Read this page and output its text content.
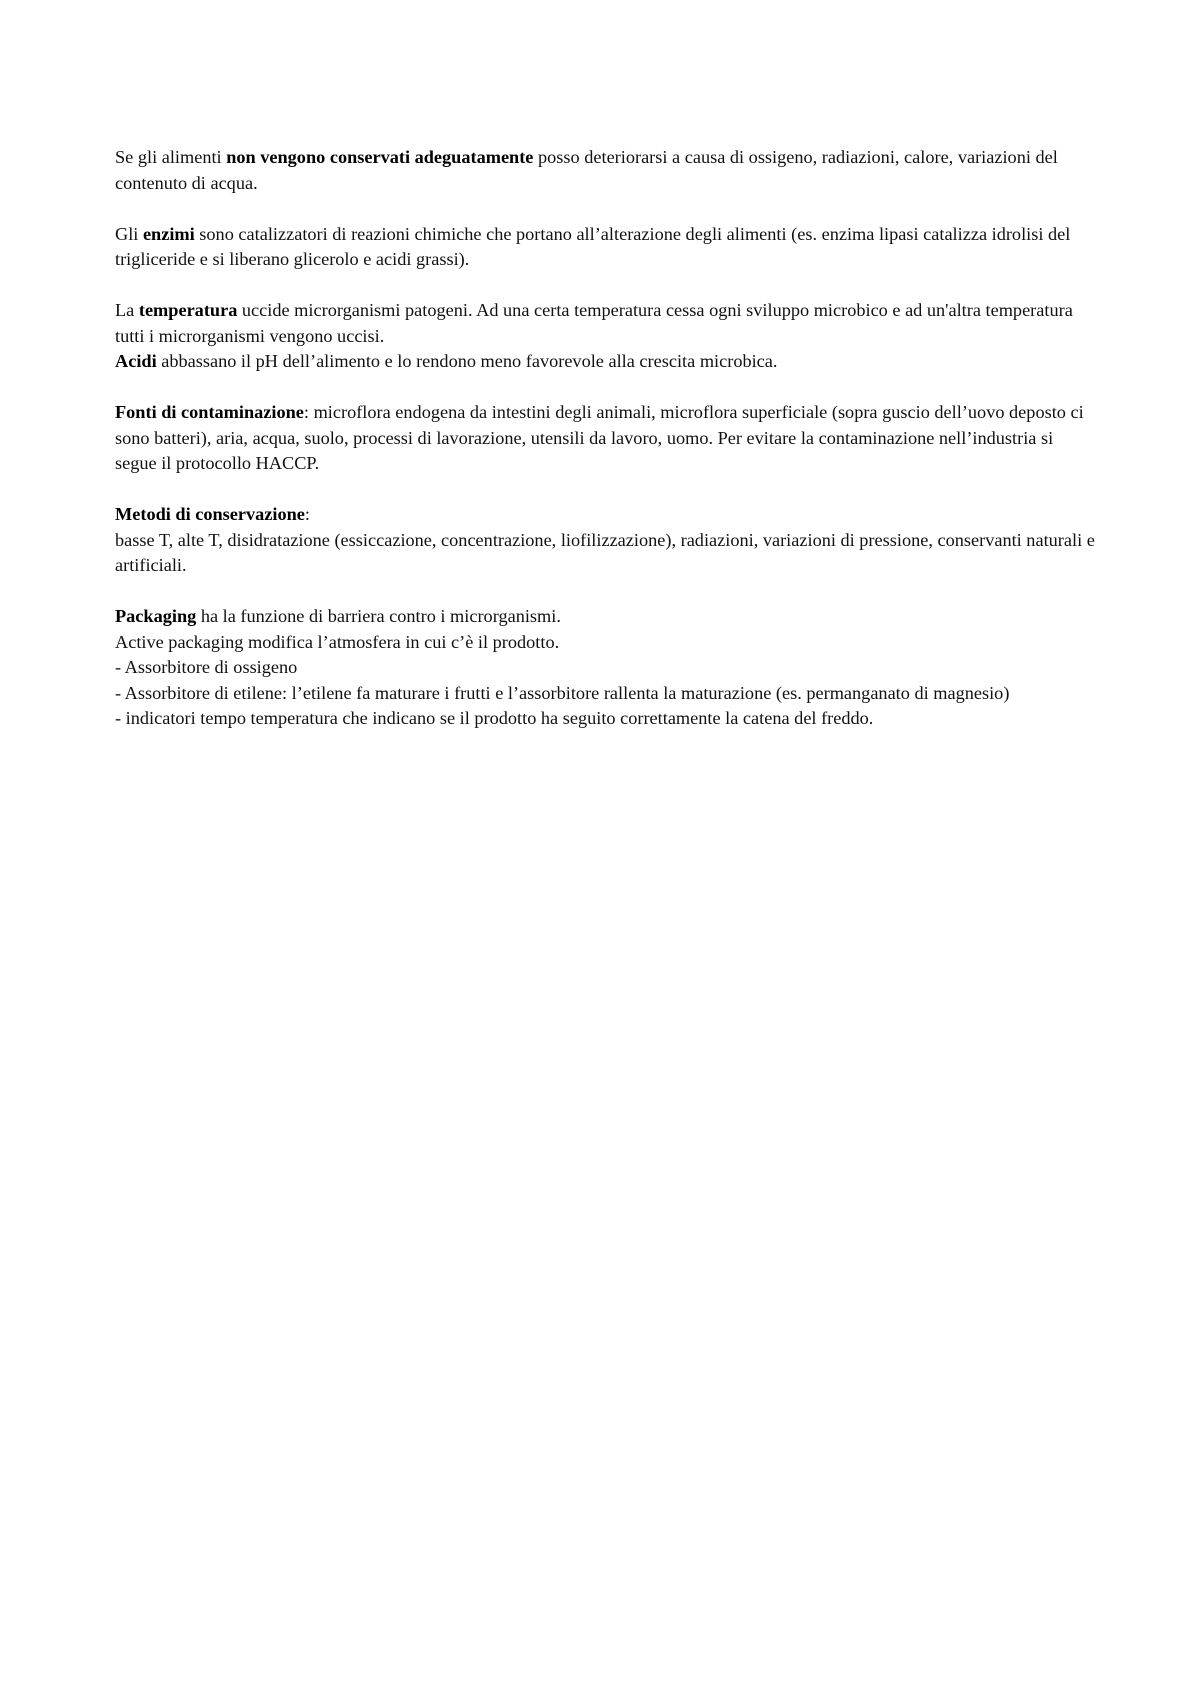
Se gli alimenti non vengono conservati adeguatamente posso deteriorarsi a causa di ossigeno, radiazioni, calore, variazioni del contenuto di acqua.

Gli enzimi sono catalizzatori di reazioni chimiche che portano all’alterazione degli alimenti (es. enzima lipasi catalizza idrolisi del trigliceride e si liberano glicerolo e acidi grassi).

La temperatura uccide microrganismi patogeni. Ad una certa temperatura cessa ogni sviluppo microbico e ad un'altra temperatura tutti i microrganismi vengono uccisi.

Acidi abbassano il pH dell’alimento e lo rendono meno favorevole alla crescita microbica.

Fonti di contaminazione: microflora endogena da intestini degli animali, microflora superficiale (sopra guscio dell’uovo deposto ci sono batteri), aria, acqua, suolo, processi di lavorazione, utensili da lavoro, uomo. Per evitare la contaminazione nell’industria si segue il protocollo HACCP.

Metodi di conservazione:
basse T, alte T, disidratazione (essiccazione, concentrazione, liofilizzazione), radiazioni, variazioni di pressione, conservanti naturali e artificiali.

Packaging ha la funzione di barriera contro i microrganismi.
Active packaging modifica l’atmosfera in cui c’è il prodotto.
- Assorbitore di ossigeno
- Assorbitore di etilene: l’etilene fa maturare i frutti e l’assorbitore rallenta la maturazione (es. permanganato di magnesio)
- indicatori tempo temperatura che indicano se il prodotto ha seguito correttamente la catena del freddo.
